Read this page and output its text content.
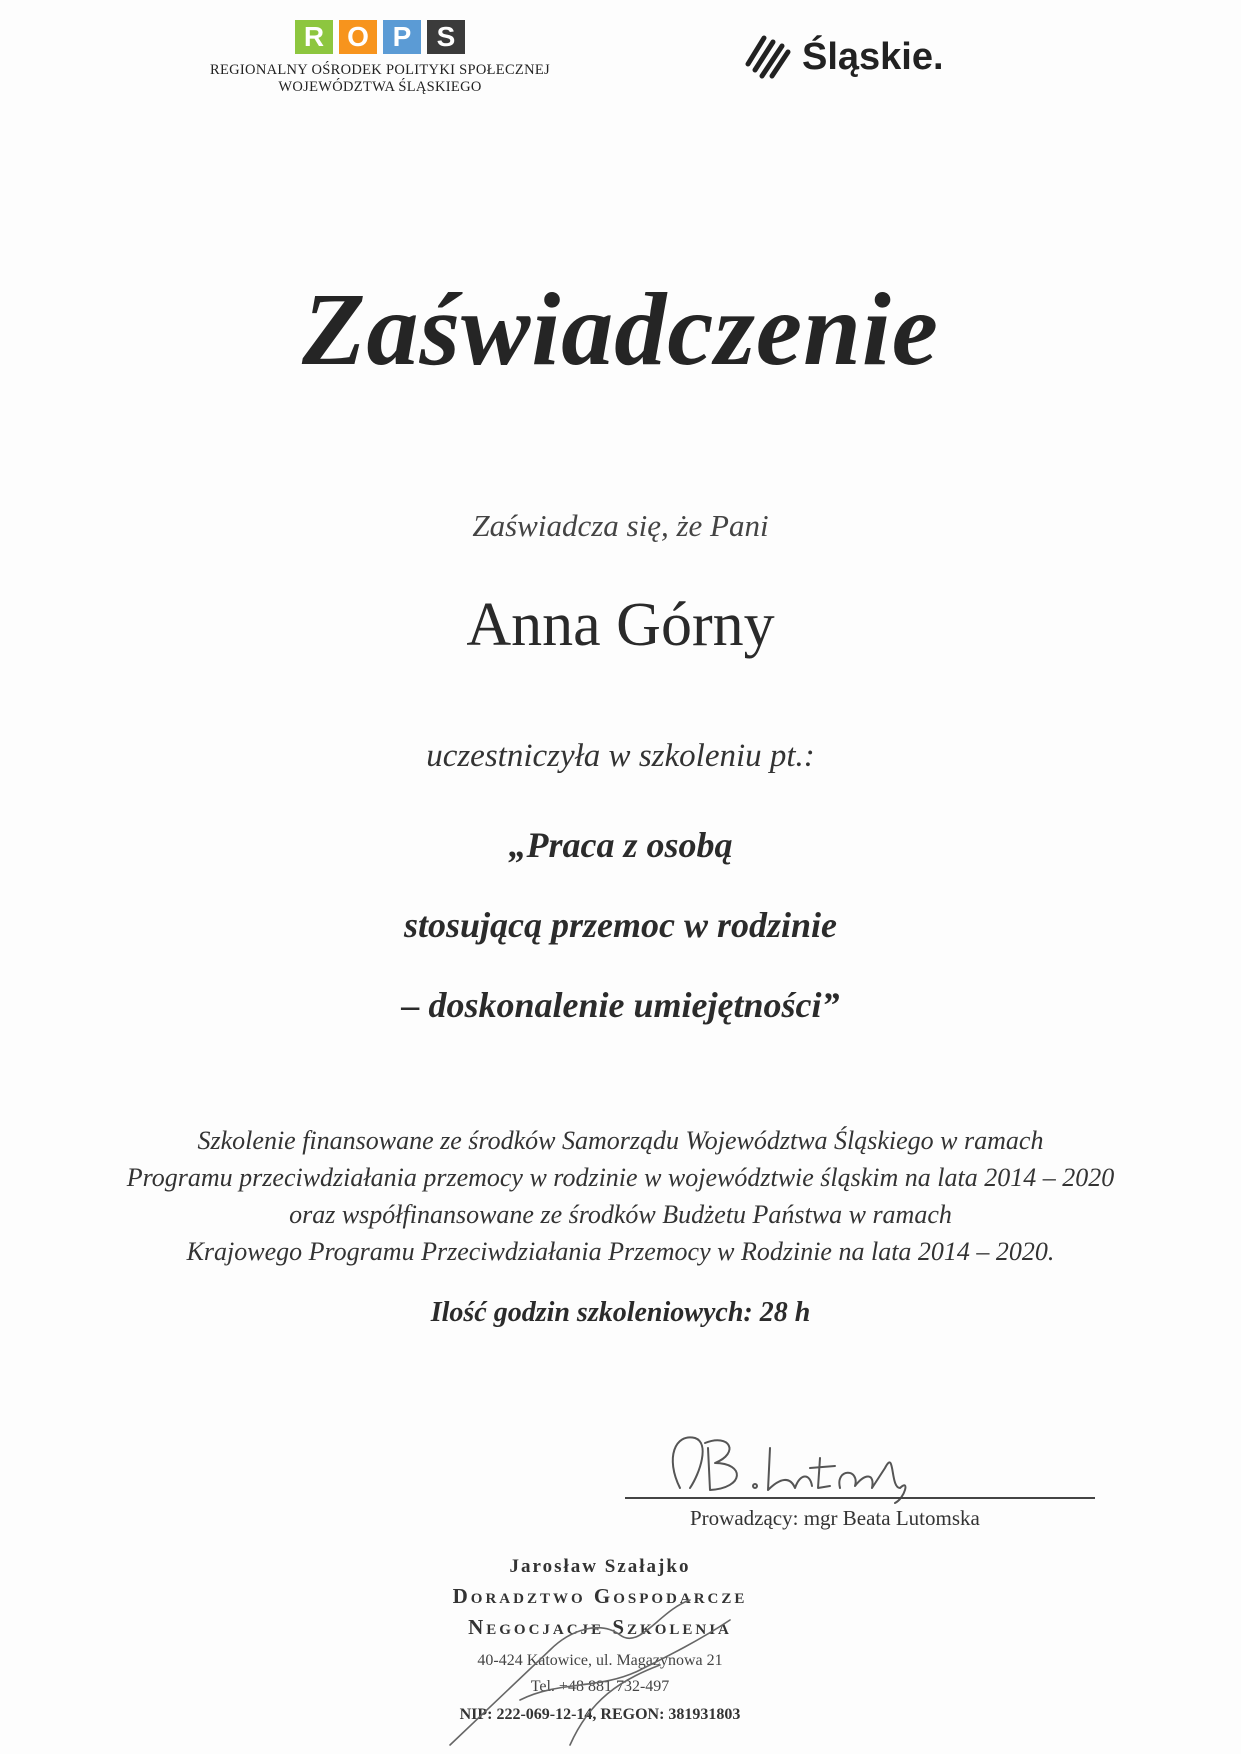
R O P S
REGIONALNY OŚRODEK POLITYKI SPOŁECZNEJ
WOJEWÓDZTWA ŚLĄSKIEGO
Śląskie.
Zaświadczenie
Zaświadcza się, że Pani
Anna Górny
uczestniczyła w szkoleniu pt.:
„Praca z osobą
stosującą przemoc w rodzinie
– doskonalenie umiejętności”
Szkolenie finansowane ze środków Samorządu Województwa Śląskiego w ramach
Programu przeciwdziałania przemocy w rodzinie w województwie śląskim na lata 2014 – 2020
oraz współfinansowane ze środków Budżetu Państwa w ramach
Krajowego Programu Przeciwdziałania Przemocy w Rodzinie na lata 2014 – 2020.
Ilość godzin szkoleniowych: 28 h
Prowadzący: mgr Beata Lutomska
Jarosław Szałajko
Doradztwo Gospodarcze
Negocjacje Szkolenia
40-424 Katowice, ul. Magazynowa 21
Tel. +48 881 732-497
NIP: 222-069-12-14, REGON: 381931803
